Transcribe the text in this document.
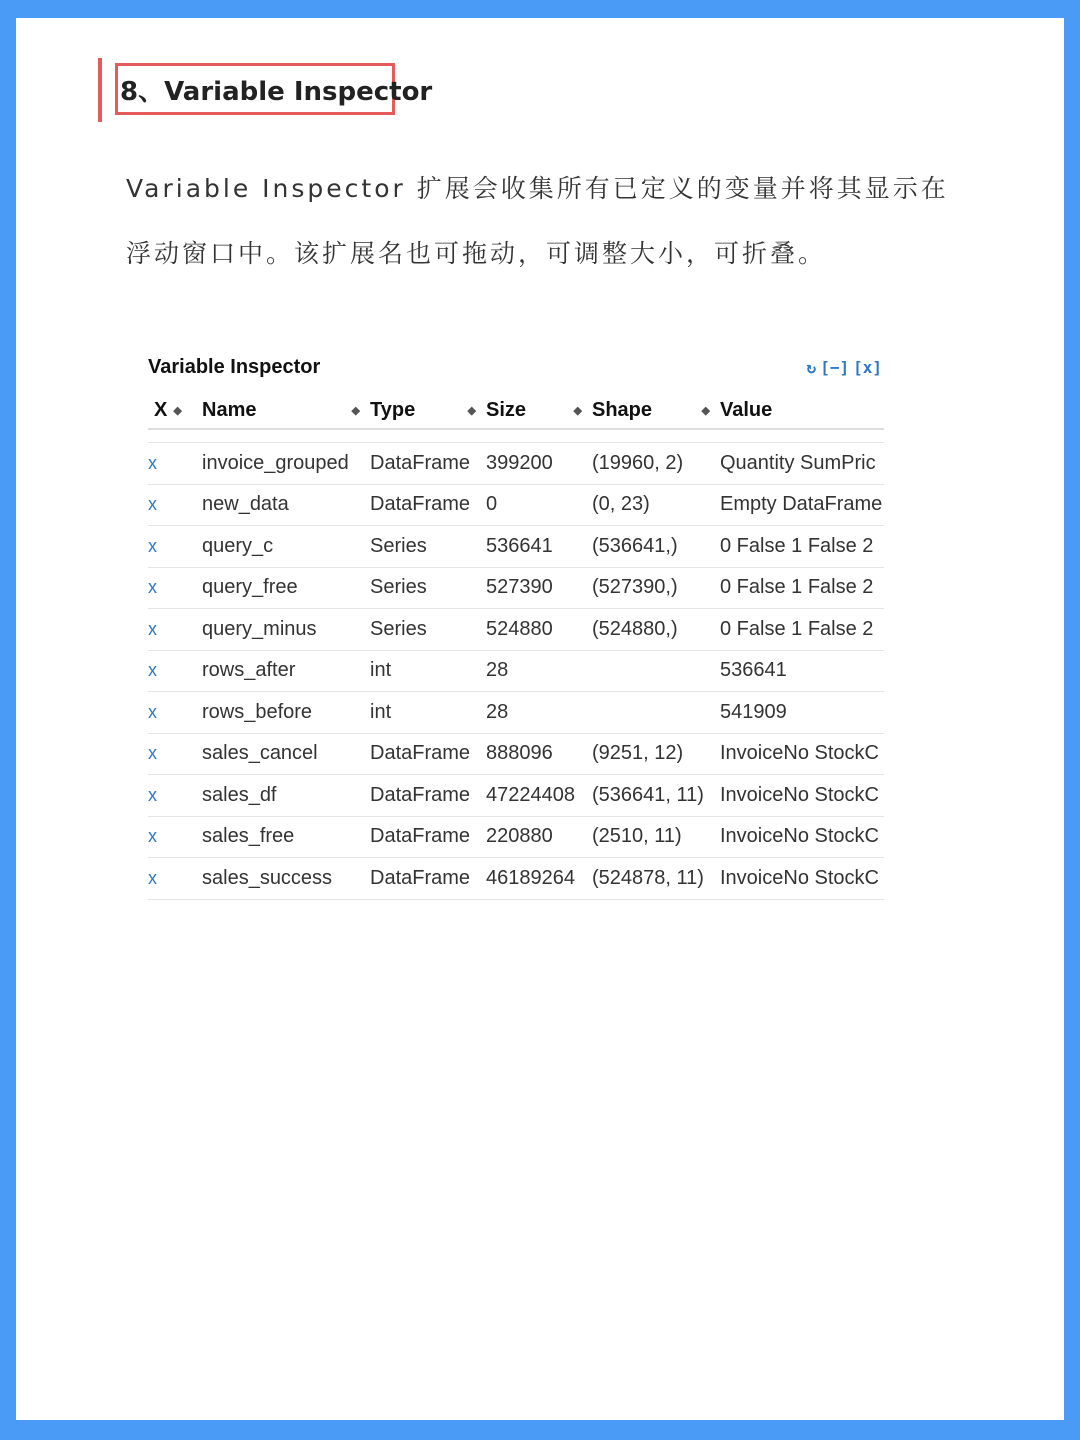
8、Variable Inspector
Variable Inspector 扩展会收集所有已定义的变量并将其显示在浮动窗口中。该扩展名也可拖动，可调整大小，可折叠。
Variable Inspector	↻ [−] [x]
X ◆	Name ◆	Type ◆	Size ◆	Shape ◆	Value

x	invoice_grouped	DataFrame	399200	(19960, 2)	Quantity SumPric
x	new_data	DataFrame	0	(0, 23)	Empty DataFrame
x	query_c	Series	536641	(536641,)	0 False 1 False 2
x	query_free	Series	527390	(527390,)	0 False 1 False 2
x	query_minus	Series	524880	(524880,)	0 False 1 False 2
x	rows_after	int	28		536641
x	rows_before	int	28		541909
x	sales_cancel	DataFrame	888096	(9251, 12)	InvoiceNo StockC
x	sales_df	DataFrame	47224408	(536641, 11)	InvoiceNo StockC
x	sales_free	DataFrame	220880	(2510, 11)	InvoiceNo StockC
x	sales_success	DataFrame	46189264	(524878, 11)	InvoiceNo StockC
